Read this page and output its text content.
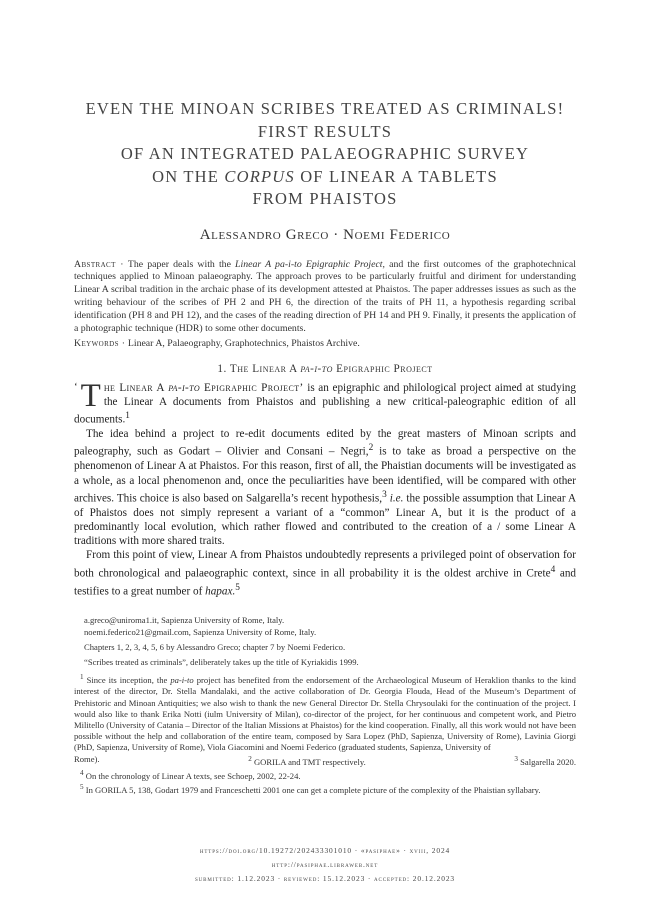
EVEN THE MINOAN SCRIBES TREATED AS CRIMINALS!
FIRST RESULTS
OF AN INTEGRATED PALAEOGRAPHIC SURVEY
ON THE CORPUS OF LINEAR A TABLETS
FROM PHAISTOS
Alessandro Greco · Noemi Federico
Abstract · The paper deals with the Linear A pa-i-to Epigraphic Project, and the first outcomes of the graphotechnical techniques applied to Minoan palaeography. The approach proves to be particularly fruitful and diriment for understanding Linear A scribal tradition in the archaic phase of its development attested at Phaistos. The paper addresses issues as such as the writing behaviour of the scribes of PH 2 and PH 6, the direction of the traits of PH 11, a hypothesis regarding scribal identification (PH 8 and PH 12), and the cases of the reading direction of PH 14 and PH 9. Finally, it presents the application of a photographic technique (HDR) to some other documents.
Keywords · Linear A, Palaeography, Graphotechnics, Phaistos Archive.
1. The Linear A pa-i-to Epigraphic Project

‘ T he Linear A pa-i-to Epigraphic Project’ is an epigraphic and philological project aimed at studying the Linear A documents from Phaistos and publishing a new critical-paleographic edition of all documents.$^1$

The idea behind a project to re-edit documents edited by the great masters of Minoan scripts and paleography, such as Godart – Olivier and Consani – Negri,$^2$ is to take as broad a perspective on the phenomenon of Linear A at Phaistos. For this reason, first of all, the Phaistian documents will be investigated as a whole, as a local phenomenon and, once the peculiarities have been identified, will be compared with other archives. This choice is also based on Salgarella’s recent hypothesis,$^3$ i.e. the possible assumption that Linear A of Phaistos does not simply represent a variant of a “common” Linear A, but it is the product of a predominantly local evolution, which rather flowed and contributed to the creation of a / some Linear A traditions with more shared traits.

From this point of view, Linear A from Phaistos undoubtedly represents a privileged point of observation for both chronological and palaeographic context, since in all probability it is the oldest archive in Crete$^4$ and testifies to a great number of hapax.$^5$

a.greco@uniroma1.it, Sapienza University of Rome, Italy.
noemi.federico21@gmail.com, Sapienza University of Rome, Italy.
Chapters 1, 2, 3, 4, 5, 6 by Alessandro Greco; chapter 7 by Noemi Federico.
“Scribes treated as criminals”, deliberately takes up the title of Kyriakidis 1999.

$^1$ Since its inception, the pa-i-to project has benefited from the endorsement of the Archaeological Museum of Heraklion thanks to the kind interest of the director, Dr. Stella Mandalaki, and the active collaboration of Dr. Georgia Flouda, Head of the Museum’s Department of Prehistoric and Minoan Antiquities; we also wish to thank the new General Director Dr. Stella Chrysoulaki for the continuation of the project. I would also like to thank Erika Notti (iulm University of Milan), co-director of the project, for her continuous and competent work, and Pietro Militello (University of Catania – Director of the Italian Missions at Phaistos) for the kind cooperation. Finally, all this work would not have been possible without the help and collaboration of the entire team, composed by Sara Lopez (PhD, Sapienza, University of Rome), Lavinia Giorgi (PhD, Sapienza, University of Rome), Viola Giacomini and Noemi Federico (graduated students, Sapienza, University of

Rome).	$^2$ GORILA and TMT respectively.	$^3$ Salgarella 2020.

$^4$ On the chronology of Linear A texts, see Schoep, 2002, 22-24.

$^5$ In GORILA 5, 138, Godart 1979 and Franceschetti 2001 one can get a complete picture of the complexity of the Phaistian syllabary.

https://doi.org/10.19272/202433301010 · «pasiphae» · xviii, 2024
http://pasiphae.libraweb.net
submitted: 1.12.2023 · reviewed: 15.12.2023 · accepted: 20.12.2023
